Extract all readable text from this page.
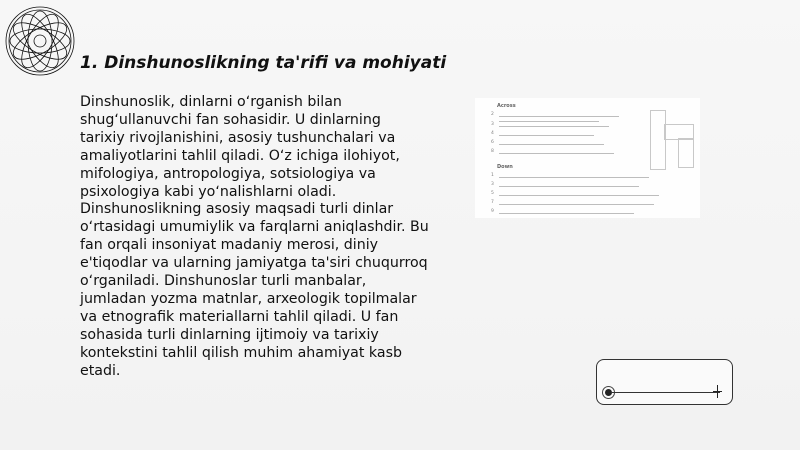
1. Dinshunoslikning ta'rifi va mohiyati
Dinshunoslik, dinlarni oʻrganish bilan shugʻullanuvchi fan sohasidir. U dinlarning tarixiy rivojlanishini, asosiy tushunchalari va amaliyotlarini tahlil qiladi. Oʻz ichiga ilohiyot, mifologiya, antropologiya, sotsiologiya va psixologiya kabi yoʻnalishlarni oladi. Dinshunoslikning asosiy maqsadi turli dinlar oʻrtasidagi umumiylik va farqlarni aniqlashdir. Bu fan orqali insoniyat madaniy merosi, diniy e'tiqodlar va ularning jamiyatga ta'siri chuqurroq oʻrganiladi. Dinshunoslar turli manbalar, jumladan yozma matnlar, arxeologik topilmalar va etnografik materiallarni tahlil qiladi. U fan sohasida turli dinlarning ijtimoiy va tarixiy kontekstini tahlil qilish muhim ahamiyat kasb etadi.
Across
2
3
4
6
8
Down
1
3
5
7
9
